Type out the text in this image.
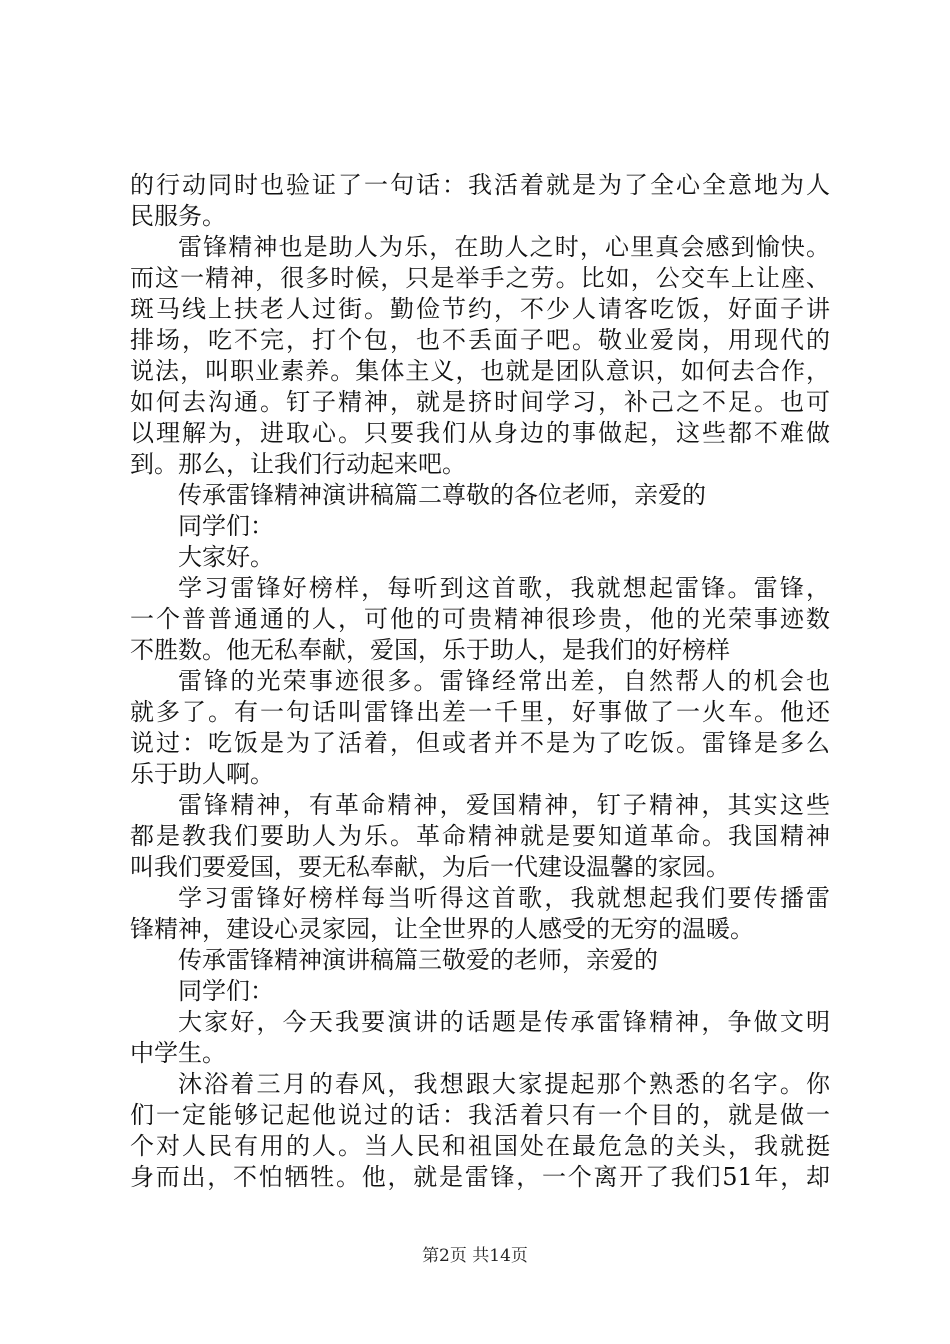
的行动同时也验证了一句话：我活着就是为了全心全意地为人
民服务。
雷锋精神也是助人为乐，在助人之时，心里真会感到愉快。
而这一精神，很多时候，只是举手之劳。比如，公交车上让座、
斑马线上扶老人过街。勤俭节约，不少人请客吃饭，好面子讲
排场，吃不完，打个包，也不丢面子吧。敬业爱岗，用现代的
说法，叫职业素养。集体主义，也就是团队意识，如何去合作，
如何去沟通。钉子精神，就是挤时间学习，补己之不足。也可
以理解为，进取心。只要我们从身边的事做起，这些都不难做
到。那么，让我们行动起来吧。
传承雷锋精神演讲稿篇二尊敬的各位老师，亲爱的
同学们：
大家好。
学习雷锋好榜样，每听到这首歌，我就想起雷锋。雷锋，
一个普普通通的人，可他的可贵精神很珍贵，他的光荣事迹数
不胜数。他无私奉献，爱国，乐于助人，是我们的好榜样
雷锋的光荣事迹很多。雷锋经常出差，自然帮人的机会也
就多了。有一句话叫雷锋出差一千里，好事做了一火车。他还
说过：吃饭是为了活着，但或者并不是为了吃饭。雷锋是多么
乐于助人啊。
雷锋精神，有革命精神，爱国精神，钉子精神，其实这些
都是教我们要助人为乐。革命精神就是要知道革命。我国精神
叫我们要爱国，要无私奉献，为后一代建设温馨的家园。
学习雷锋好榜样每当听得这首歌，我就想起我们要传播雷
锋精神，建设心灵家园，让全世界的人感受的无穷的温暖。
传承雷锋精神演讲稿篇三敬爱的老师，亲爱的
同学们：
大家好，今天我要演讲的话题是传承雷锋精神，争做文明
中学生。
沐浴着三月的春风，我想跟大家提起那个熟悉的名字。你
们一定能够记起他说过的话：我活着只有一个目的，就是做一
个对人民有用的人。当人民和祖国处在最危急的关头，我就挺
身而出，不怕牺牲。他，就是雷锋，一个离开了我们51年，却
第2页 共14页
